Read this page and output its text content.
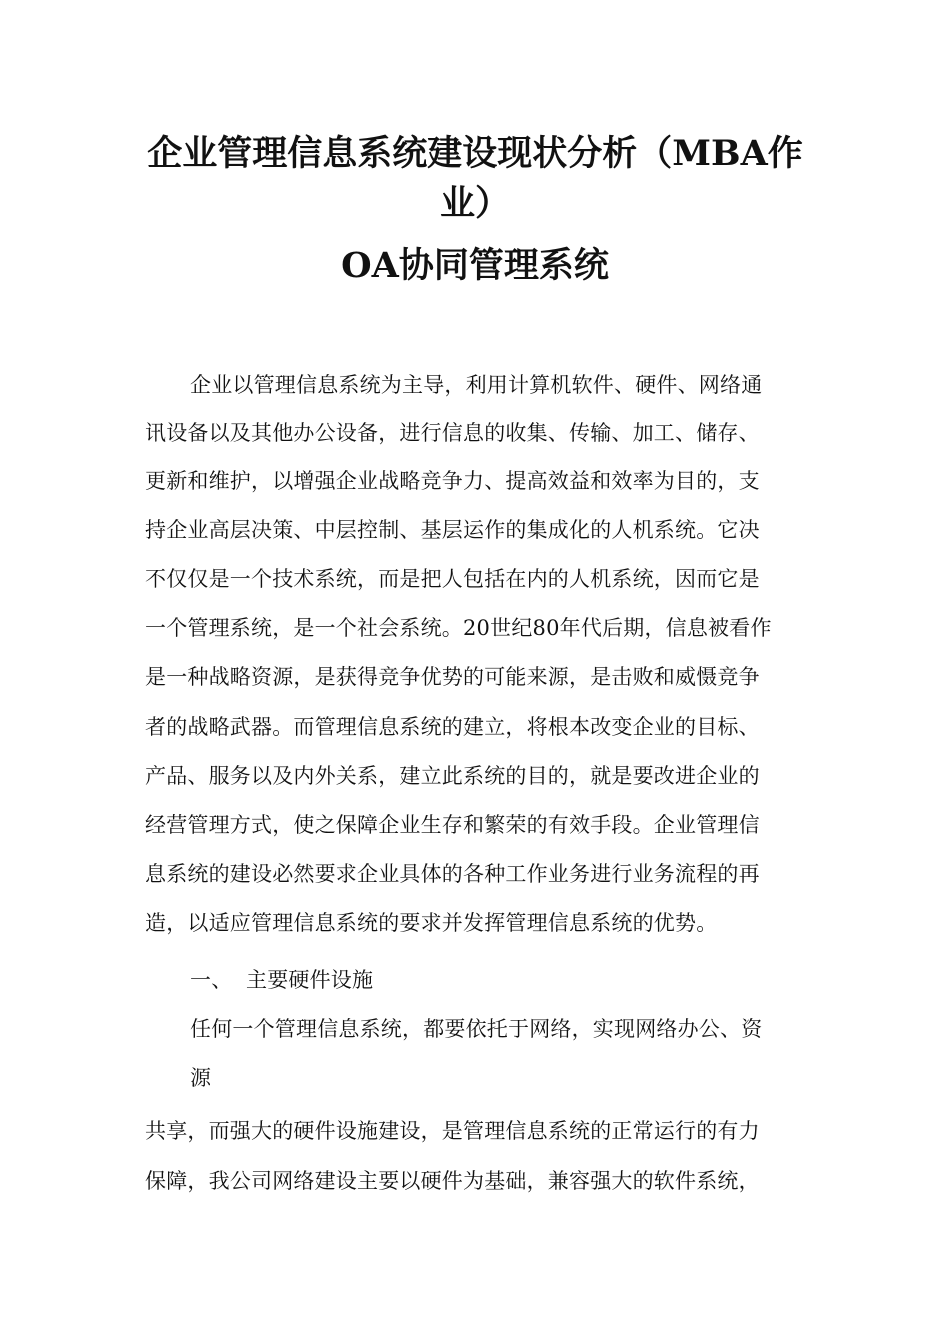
企业管理信息系统建设现状分析（MBA作
业）
OA协同管理系统

企业以管理信息系统为主导，利用计算机软件、硬件、网络通

讯设备以及其他办公设备，进行信息的收集、传输、加工、储存、

更新和维护，以增强企业战略竞争力、提高效益和效率为目的，支

持企业高层决策、中层控制、基层运作的集成化的人机系统。它决

不仅仅是一个技术系统，而是把人包括在内的人机系统，因而它是

一个管理系统，是一个社会系统。20世纪80年代后期，信息被看作

是一种战略资源，是获得竞争优势的可能来源，是击败和威慑竞争

者的战略武器。而管理信息系统的建立，将根本改变企业的目标、

产品、服务以及内外关系，建立此系统的目的，就是要改进企业的

经营管理方式，使之保障企业生存和繁荣的有效手段。企业管理信

息系统的建设必然要求企业具体的各种工作业务进行业务流程的再

造，以适应管理信息系统的要求并发挥管理信息系统的优势。

一、 主要硬件设施

任何一个管理信息系统，都要依托于网络，实现网络办公、资

源

共享，而强大的硬件设施建设，是管理信息系统的正常运行的有力

保障，我公司网络建设主要以硬件为基础，兼容强大的软件系统，
